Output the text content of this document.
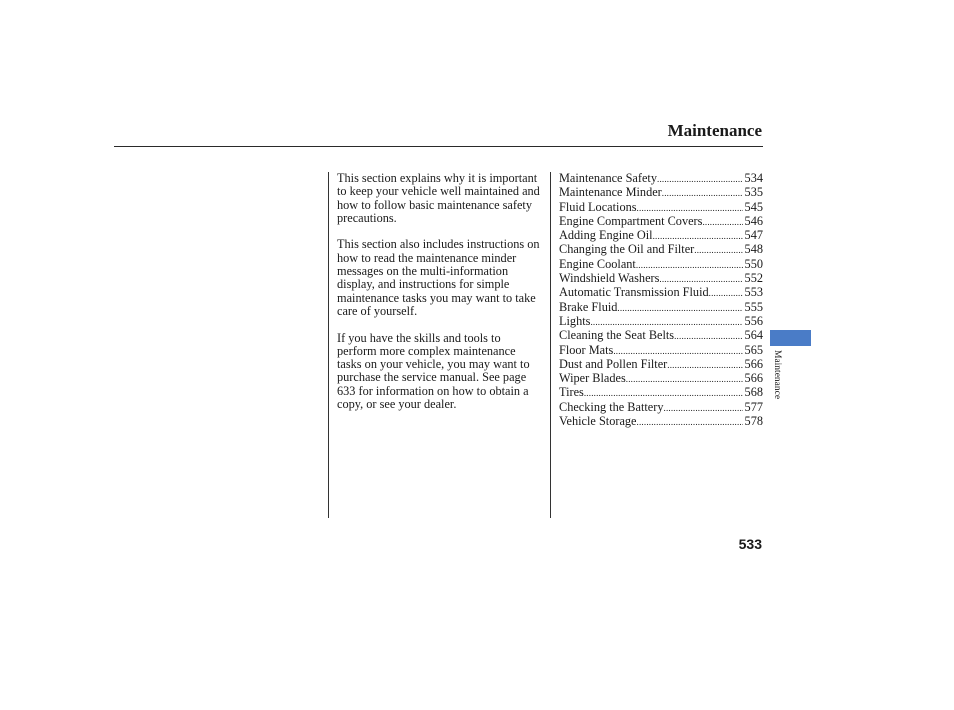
Maintenance

This section explains why it is important to keep your vehicle well maintained and how to follow basic maintenance safety precautions.

This section also includes instructions on how to read the maintenance minder messages on the multi-information display, and instructions for simple maintenance tasks you may want to take care of yourself.

If you have the skills and tools to perform more complex maintenance tasks on your vehicle, you may want to purchase the service manual. See page 633 for information on how to obtain a copy, or see your dealer.

Maintenance Safety .....	534
Maintenance Minder .....	535
Fluid Locations .....	545
Engine Compartment Covers .....	546
Adding Engine Oil .....	547
Changing the Oil and Filter .....	548
Engine Coolant .....	550
Windshield Washers .....	552
Automatic Transmission Fluid .....	553
Brake Fluid .....	555
Lights .....	556
Cleaning the Seat Belts .....	564
Floor Mats .....	565
Dust and Pollen Filter .....	566
Wiper Blades .....	566
Tires .....	568
Checking the Battery .....	577
Vehicle Storage .....	578
Maintenance
533
